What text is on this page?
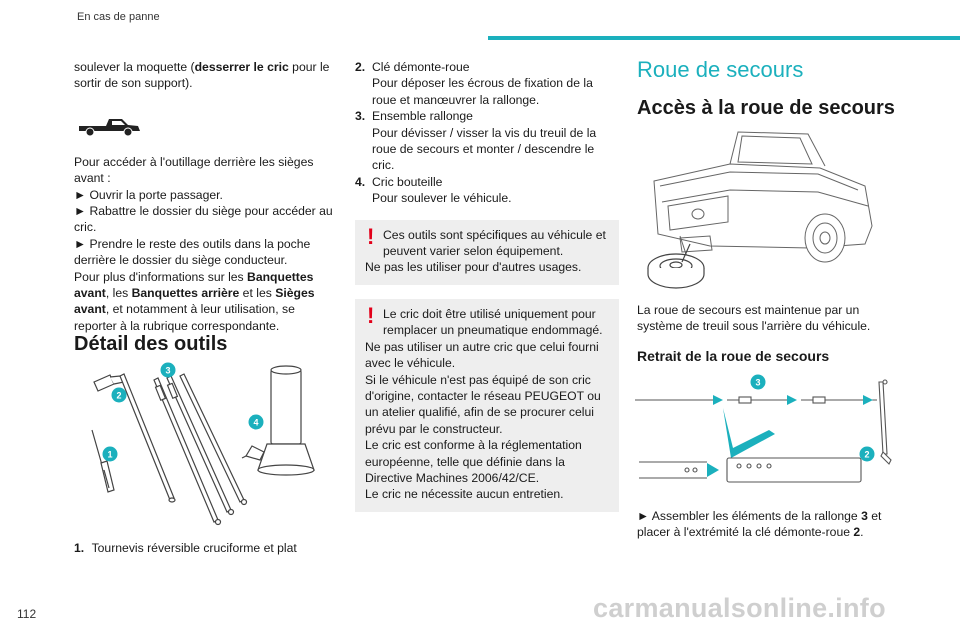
En cas de panne

soulever la moquette (desserrer le cric pour le sortir de son support).

Pour accéder à l'outillage derrière les sièges avant :

► Ouvrir la porte passager.
► Rabattre le dossier du siège pour accéder au cric.
► Prendre le reste des outils dans la poche derrière le dossier du siège conducteur.

Pour plus d'informations sur les Banquettes avant, les Banquettes arrière et les Sièges avant, et notamment à leur utilisation, se reporter à la rubrique correspondante.

Détail des outils
1
2
3
4
1. Tournevis réversible cruciforme et plat
2. Clé démonte-roue
Pour déposer les écrous de fixation de la roue et manœuvrer la rallonge.
3. Ensemble rallonge
Pour dévisser / visser la vis du treuil de la roue de secours et monter / descendre le cric.
4. Cric bouteille
Pour soulever le véhicule.
! Ces outils sont spécifiques au véhicule et peuvent varier selon équipement.

Ne pas les utiliser pour d'autres usages.

! Le cric doit être utilisé uniquement pour remplacer un pneumatique endommagé.

Ne pas utiliser un autre cric que celui fourni avec le véhicule.

Si le véhicule n'est pas équipé de son cric d'origine, contacter le réseau PEUGEOT ou un atelier qualifié, afin de se procurer celui prévu par le constructeur.

Le cric est conforme à la réglementation européenne, telle que définie dans la Directive Machines 2006/42/CE.

Le cric ne nécessite aucun entretien.

Roue de secours
Accès à la roue de secours

La roue de secours est maintenue par un système de treuil sous l'arrière du véhicule.

Retrait de la roue de secours
3
2

► Assembler les éléments de la rallonge 3 et placer à l'extrémité la clé démonte-roue 2.

112	carmanualsonline.info
